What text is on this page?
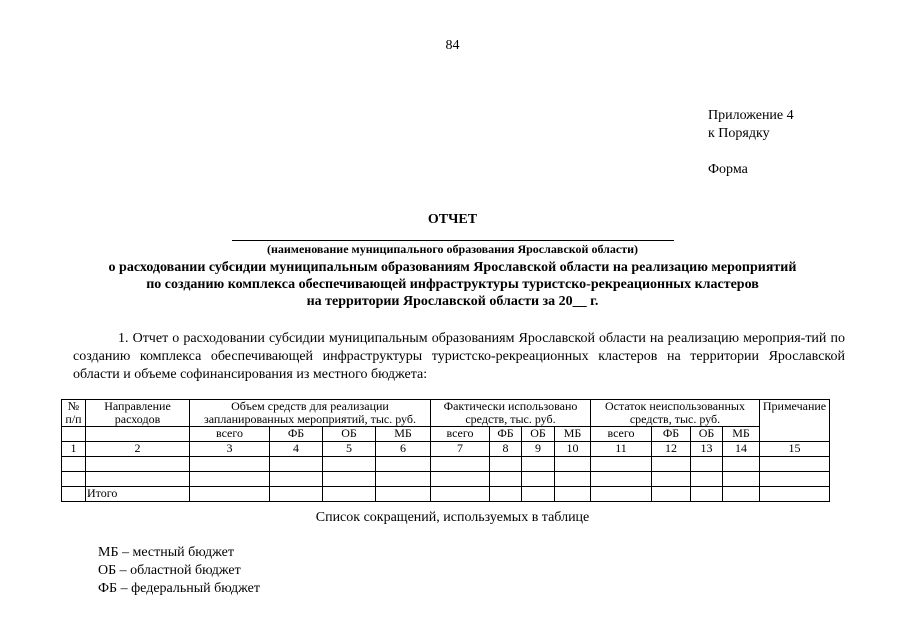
84
Приложение 4
к Порядку
Форма
ОТЧЕТ
(наименование муниципального образования Ярославской области)
о расходовании субсидии муниципальным образованиям Ярославской области на реализацию мероприятий
по созданию комплекса обеспечивающей инфраструктуры туристско-рекреационных кластеров
на территории Ярославской области за 20__ г.
1. Отчет о расходовании субсидии муниципальным образованиям Ярославской области на реализацию мероприя-тий по созданию комплекса обеспечивающей инфраструктуры туристско-рекреационных кластеров на территории Ярославской области и объеме софинансирования из местного бюджета:
№ п/п	Направление расходов	Объем средств для реализации запланированных мероприятий, тыс. руб.				Фактически использовано средств, тыс. руб.				Остаток неиспользованных средств, тыс. руб.				Примечание

		всего	ФБ	ОБ	МБ	всего	ФБ	ОБ	МБ	всего	ФБ	ОБ	МБ	
1	2	3	4	5	6	7	8	9	10	11	12	13	14	15

	Итого													
Список сокращений, используемых в таблице
МБ – местный бюджет
ОБ – областной бюджет
ФБ – федеральный бюджет
